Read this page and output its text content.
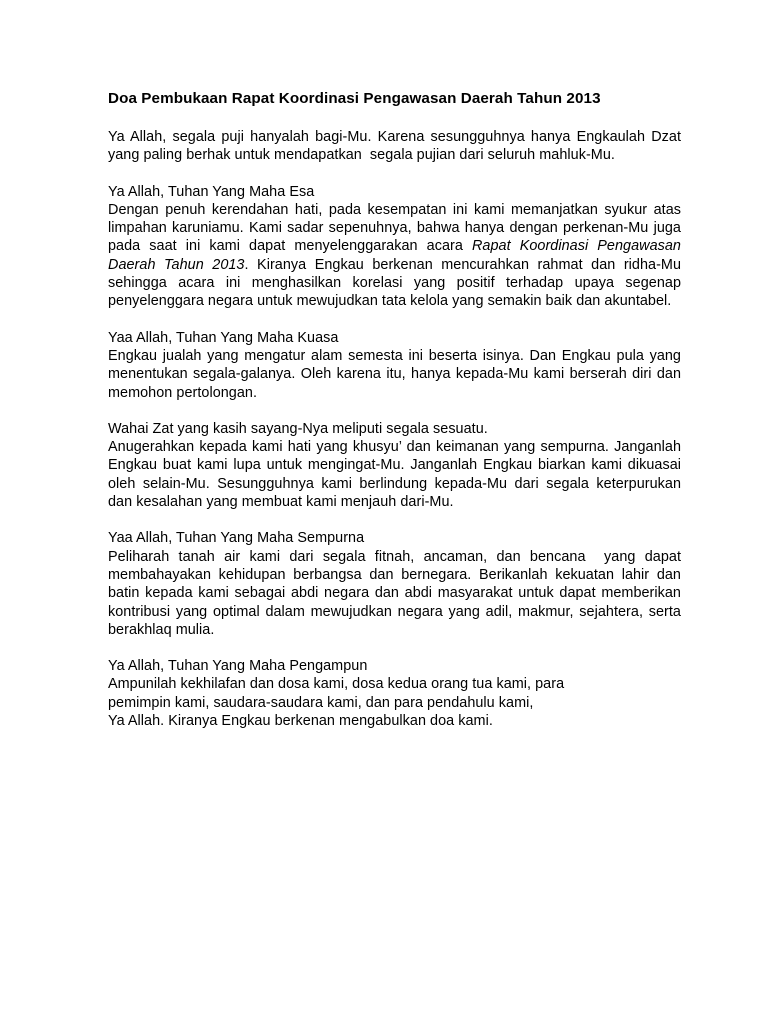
Doa Pembukaan Rapat Koordinasi Pengawasan Daerah Tahun 2013

Ya Allah, segala puji hanyalah bagi-Mu. Karena sesungguhnya hanya Engkaulah Dzat yang paling berhak untuk mendapatkan  segala pujian dari seluruh mahluk-Mu.

Ya Allah, Tuhan Yang Maha Esa
Dengan penuh kerendahan hati, pada kesempatan ini kami memanjatkan syukur atas limpahan karuniamu. Kami sadar sepenuhnya, bahwa hanya dengan perkenan-Mu juga pada saat ini kami dapat menyelenggarakan acara Rapat Koordinasi Pengawasan Daerah Tahun 2013. Kiranya Engkau berkenan mencurahkan rahmat dan ridha-Mu sehingga acara ini menghasilkan korelasi yang positif terhadap upaya segenap penyelenggara negara untuk mewujudkan tata kelola yang semakin baik dan akuntabel.

Yaa Allah, Tuhan Yang Maha Kuasa
Engkau jualah yang mengatur alam semesta ini beserta isinya. Dan Engkau pula yang menentukan segala-galanya. Oleh karena itu, hanya kepada-Mu kami berserah diri dan memohon pertolongan.

Wahai Zat yang kasih sayang-Nya meliputi segala sesuatu.
Anugerahkan kepada kami hati yang khusyu’ dan keimanan yang sempurna. Janganlah Engkau buat kami lupa untuk mengingat-Mu. Janganlah Engkau biarkan kami dikuasai oleh selain-Mu. Sesungguhnya kami berlindung kepada-Mu dari segala keterpurukan dan kesalahan yang membuat kami menjauh dari-Mu.

Yaa Allah, Tuhan Yang Maha Sempurna
Peliharah tanah air kami dari segala fitnah, ancaman, dan bencana  yang dapat membahayakan kehidupan berbangsa dan bernegara. Berikanlah kekuatan lahir dan batin kepada kami sebagai abdi negara dan abdi masyarakat untuk dapat memberikan kontribusi yang optimal dalam mewujudkan negara yang adil, makmur, sejahtera, serta berakhlaq mulia.

Ya Allah, Tuhan Yang Maha Pengampun
Ampunilah kekhilafan dan dosa kami, dosa kedua orang tua kami, para
pemimpin kami, saudara-saudara kami, dan para pendahulu kami,
Ya Allah. Kiranya Engkau berkenan mengabulkan doa kami.
